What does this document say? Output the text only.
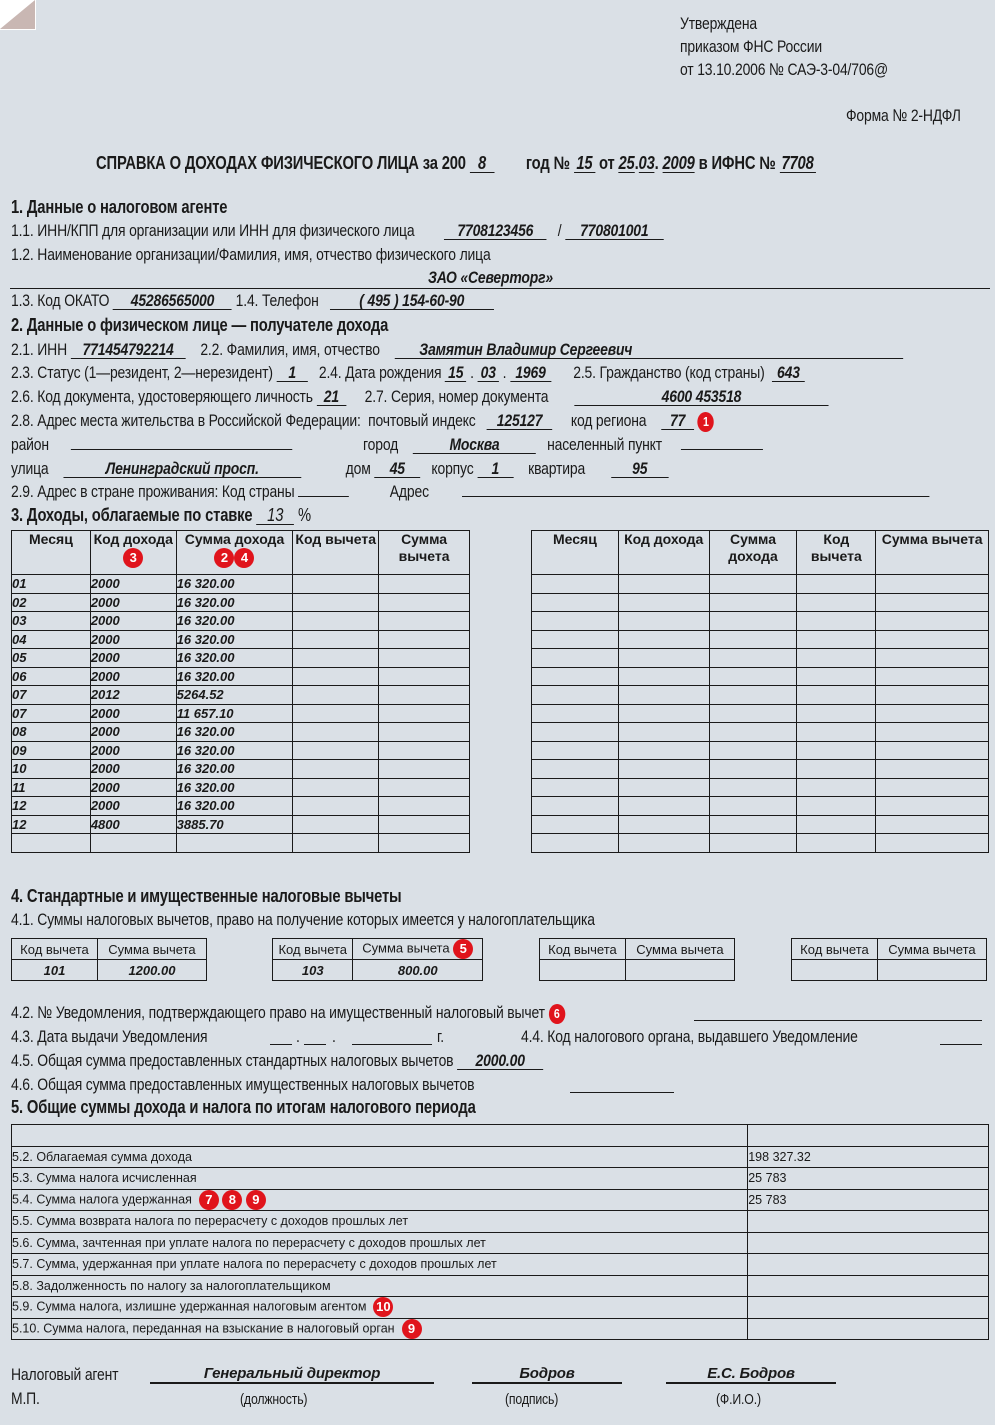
Утверждена
приказом ФНС России
от 13.10.2006 № САЭ-3-04/706@
Форма № 2-НДФЛ
СПРАВКА О ДОХОДАХ ФИЗИЧЕСКОГО ЛИЦА за 200 8 год № 15 от 25.03. 2009 в ИФНС № 7708
1. Данные о налоговом агенте
1.1. ИНН/КПП для организации или ИНН для физического лица	7708123456   / 770801001
1.2. Наименование организации/Фамилия, имя, отчество физического лица
ЗАО «Северторг»
1.3. Код ОКАТО 45286565000 1.4. Телефон ( 495 ) 154-60-90
2. Данные о физическом лице — получателе дохода
2.1. ИНН 771454792214 2.2. Фамилия, имя, отчество Замятин Владимир Сергеевич
2.3. Статус (1—резидент, 2—нерезидент) 1 2.4. Дата рождения 15 . 03 . 1969 2.5. Гражданство (код страны) 643
2.6. Код документа, удостоверяющего личность 21 2.7. Серия, номер документа	4600 453518
2.8. Адрес места жительства в Российской Федерации: почтовый индекс 125127 код региона 77 1
район	город	Москва	населенный пункт
улица	Ленинградский просп.	дом 45 корпус 1 квартира	95
2.9. Адрес в стране проживания: Код страны	Адрес
3. Доходы, облагаемые по ставке 13 %
Месяц	Код дохода 3	Сумма дохода 2 4	Код вычета	Сумма вычета
01	2000	16 320.00		
02	2000	16 320.00		
03	2000	16 320.00		
04	2000	16 320.00		
05	2000	16 320.00		
06	2000	16 320.00		
07	2012	5264.52		
07	2000	11 657.10		
08	2000	16 320.00		
09	2000	16 320.00		
10	2000	16 320.00		
11	2000	16 320.00		
12	2000	16 320.00		
12	4800	3885.70		

Месяц	Код дохода	Сумма дохода	Код вычета	Сумма вычета

4. Стандартные и имущественные налоговые вычеты
4.1. Суммы налоговых вычетов, право на получение которых имеется у налогоплательщика
Код вычета	Сумма вычета
101	1200.00
Код вычета	Сумма вычета 5
103	800.00
Код вычета	Сумма вычета
		Код вычета	Сумма вычета

4.2. № Уведомления, подтверждающего право на имущественный налоговый вычет 6
4.3. Дата выдачи Уведомления	. .	г.	4.4. Код налогового органа, выдавшего Уведомление
4.5. Общая сумма предоставленных стандартных налоговых вычетов 2000.00
4.6. Общая сумма предоставленных имущественных налоговых вычетов
5. Общие суммы дохода и налога по итогам налогового периода

5.2. Облагаемая сумма дохода	198 327.32
5.3. Сумма налога исчисленная	25 783
5.4. Сумма налога удержанная 7 8 9	25 783
5.5. Сумма возврата налога по перерасчету с доходов прошлых лет	
5.6. Сумма, зачтенная при уплате налога по перерасчету с доходов прошлых лет	
5.7. Сумма, удержанная при уплате налога по перерасчету с доходов прошлых лет	
5.8. Задолженность по налогу за налогоплательщиком	
5.9. Сумма налога, излишне удержанная налоговым агентом 10	
5.10. Сумма налога, переданная на взыскание в налоговый орган 9	
Налоговый агент	Генеральный директор	Бодров	Е.С. Бодров
М.П.	(должность)	(подпись)	(Ф.И.О.)
